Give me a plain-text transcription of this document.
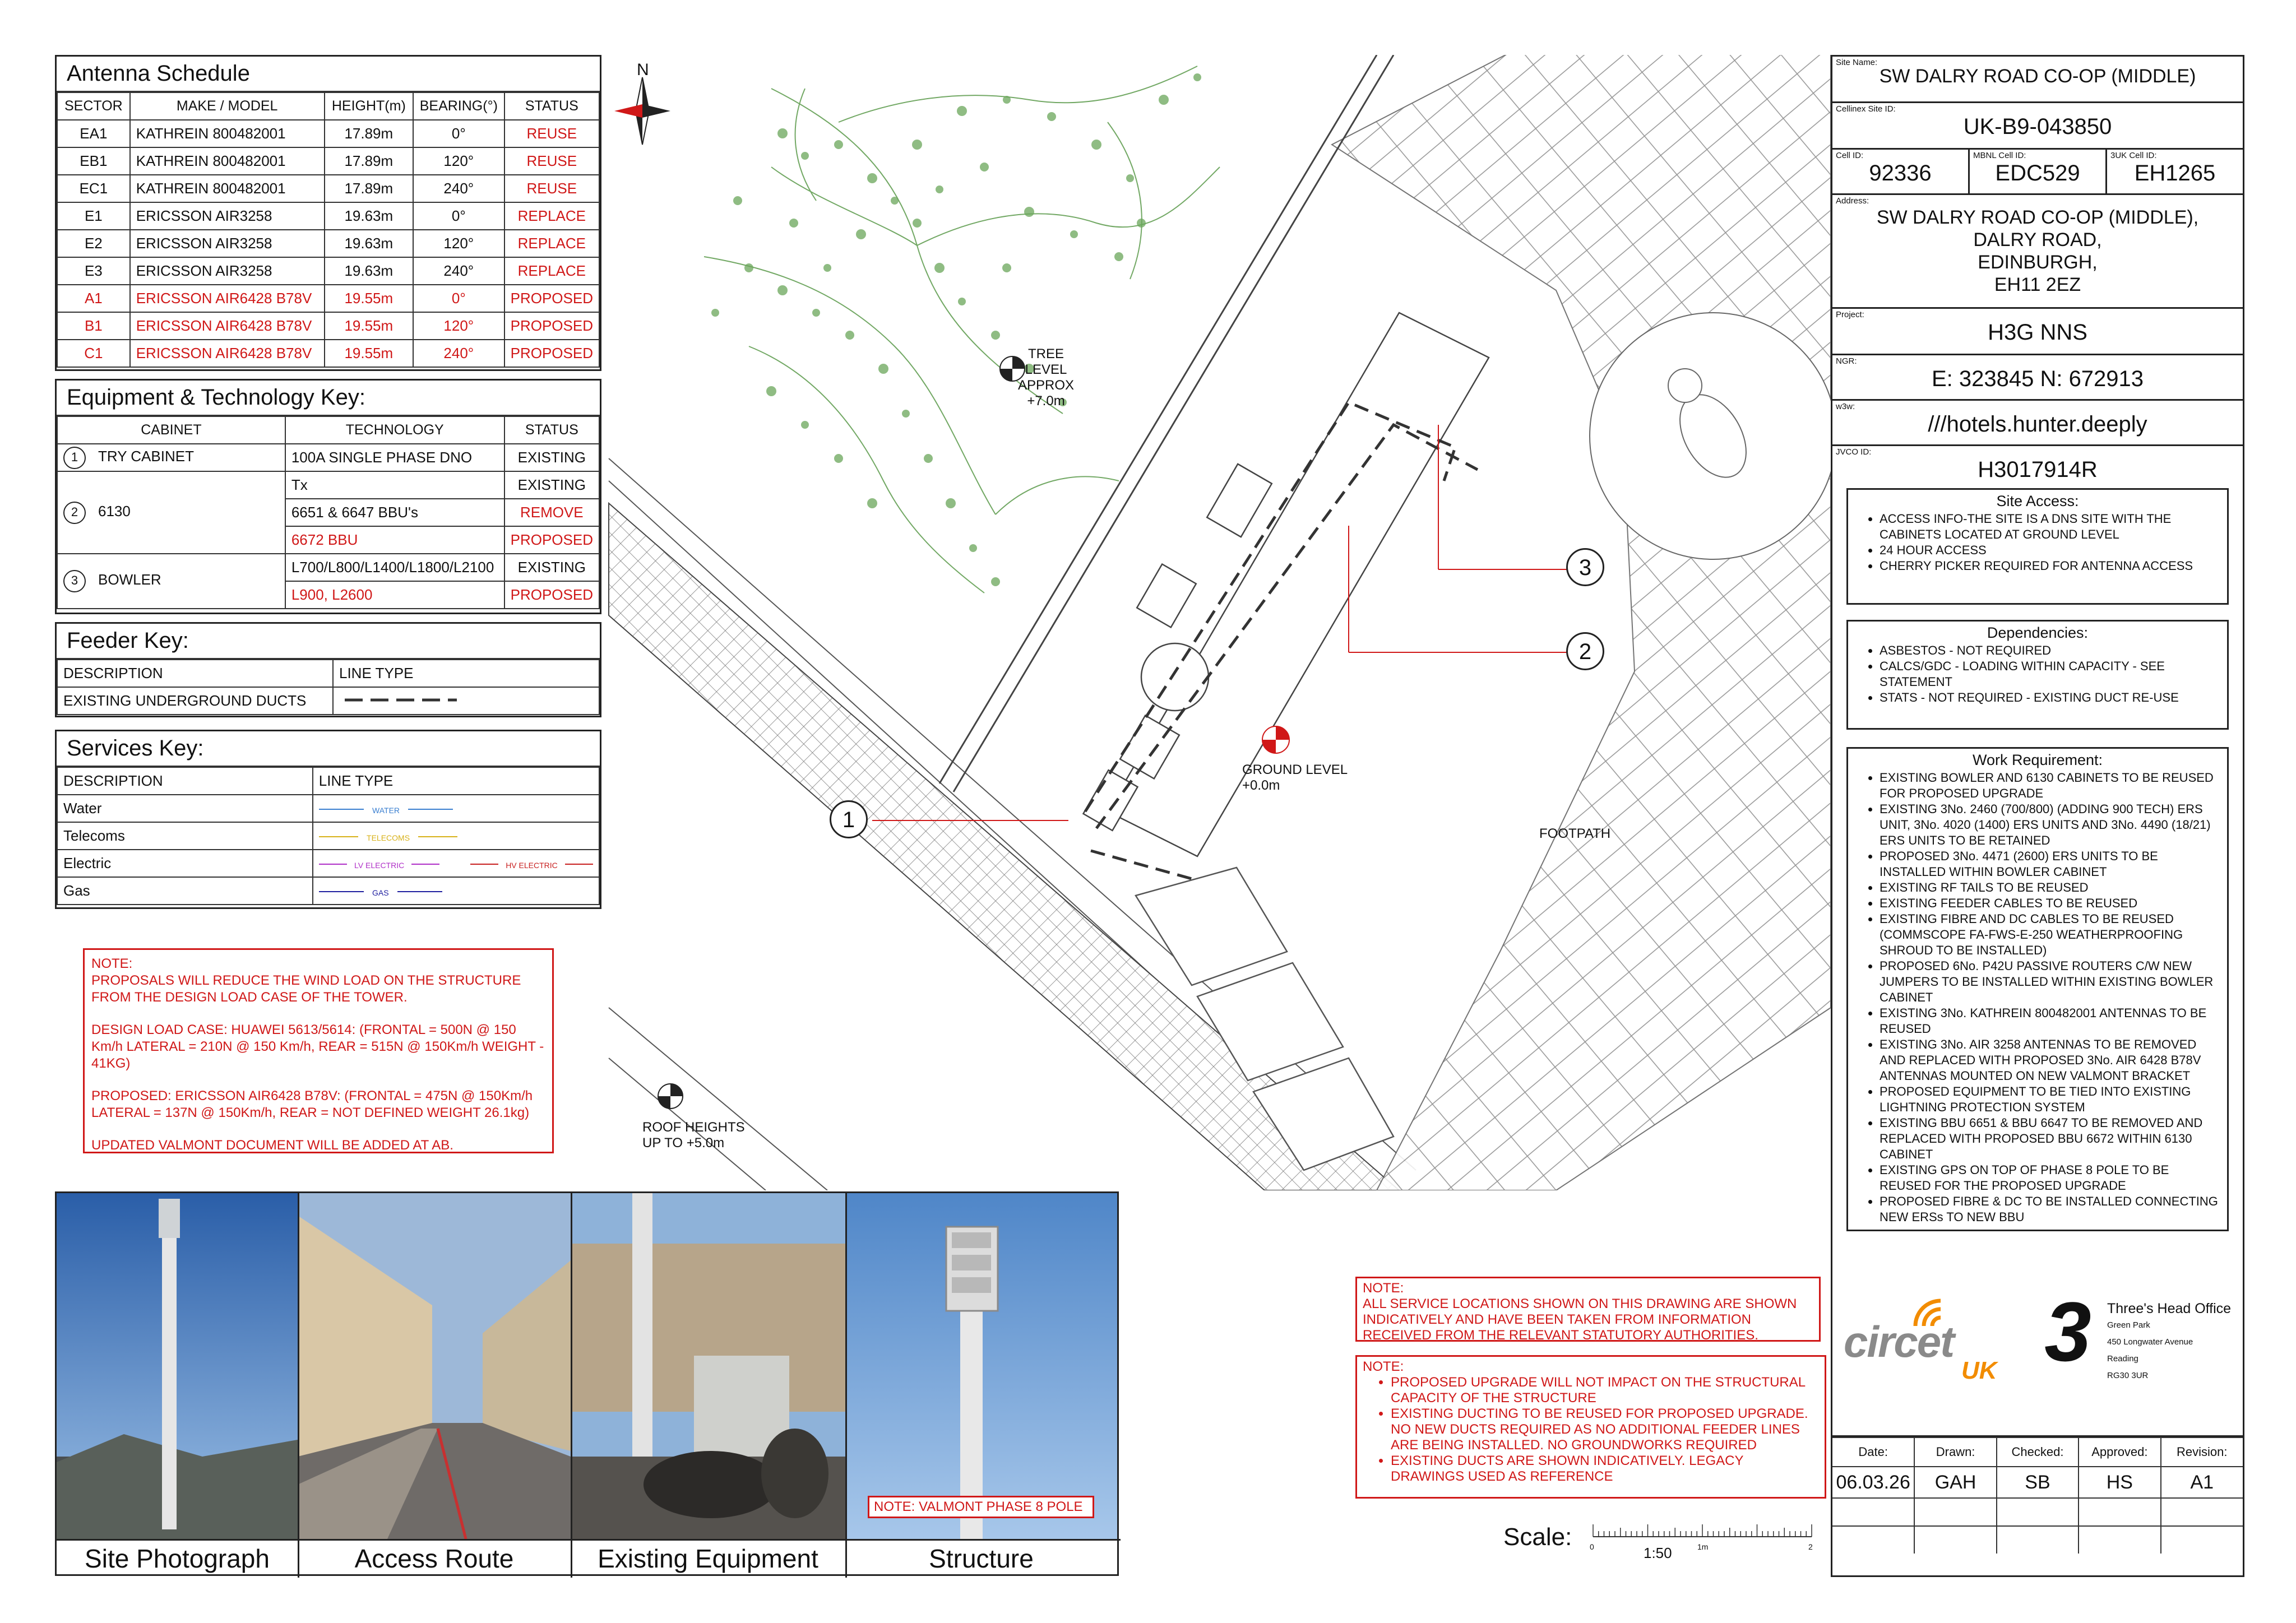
Antenna Schedule
SECTOR	MAKE / MODEL	HEIGHT(m)	BEARING(°)	STATUS
EA1	KATHREIN 800482001	17.89m	0°	REUSE
EB1	KATHREIN 800482001	17.89m	120°	REUSE
EC1	KATHREIN 800482001	17.89m	240°	REUSE
E1	ERICSSON AIR3258	19.63m	0°	REPLACE
E2	ERICSSON AIR3258	19.63m	120°	REPLACE
E3	ERICSSON AIR3258	19.63m	240°	REPLACE
A1	ERICSSON AIR6428 B78V	19.55m	0°	PROPOSED
B1	ERICSSON AIR6428 B78V	19.55m	120°	PROPOSED
C1	ERICSSON AIR6428 B78V	19.55m	240°	PROPOSED
Equipment & Technology Key:
CABINET	TECHNOLOGY	STATUS
1 TRY CABINET	100A SINGLE PHASE DNO	EXISTING
2 6130	Tx	EXISTING
	6651 & 6647 BBU's	REMOVE
	6672 BBU	PROPOSED
3 BOWLER	L700/L800/L1400/L1800/L2100	EXISTING
	L900, L2600	PROPOSED
Feeder Key:
DESCRIPTION	LINE TYPE
EXISTING UNDERGROUND DUCTS	
Services Key:
DESCRIPTION	LINE TYPE
Water	WATER
Telecoms	TELECOMS
Electric	LV ELECTRIC HV ELECTRIC
Gas	GAS
NOTE:

PROPOSALS WILL REDUCE THE WIND LOAD ON THE STRUCTURE FROM THE DESIGN LOAD CASE OF THE TOWER.

DESIGN LOAD CASE: HUAWEI 5613/5614: (FRONTAL = 500N @ 150 Km/h LATERAL = 210N @ 150 Km/h, REAR = 515N @ 150Km/h WEIGHT - 41KG)

PROPOSED: ERICSSON AIR6428 B78V: (FRONTAL = 475N @ 150Km/h LATERAL = 137N @ 150Km/h, REAR = NOT DEFINED WEIGHT 26.1kg)

UPDATED VALMONT DOCUMENT WILL BE ADDED AT AB.

NOTE: VALMONT PHASE 8 POLE
Site Photograph	Access Route	Existing Equipment	Structure
N
TREE LEVEL
APPROX
+7.0m
GROUND LEVEL
+0.0m
ROOF HEIGHTS
UP TO +5.0m
FOOTPATH
1
2
3
NOTE:
ALL SERVICE LOCATIONS SHOWN ON THIS DRAWING ARE SHOWN INDICATIVELY AND HAVE BEEN TAKEN FROM INFORMATION RECEIVED FROM THE RELEVANT STATUTORY AUTHORITIES.
NOTE:
• PROPOSED UPGRADE WILL NOT IMPACT ON THE STRUCTURAL CAPACITY OF THE STRUCTURE
• EXISTING DUCTING TO BE REUSED FOR PROPOSED UPGRADE. NO NEW DUCTS REQUIRED AS NO ADDITIONAL FEEDER LINES ARE BEING INSTALLED. NO GROUNDWORKS REQUIRED
• EXISTING DUCTS ARE SHOWN INDICATIVELY. LEGACY DRAWINGS USED AS REFERENCE
Scale: 0	1m	2
1:50
Site Name:
SW DALRY ROAD CO-OP (MIDDLE)
Cellinex Site ID:
UK-B9-043850
Cell ID:
92336
MBNL Cell ID:
EDC529
3UK Cell ID:
EH1265
Address:
SW DALRY ROAD CO-OP (MIDDLE),
DALRY ROAD,
EDINBURGH,
EH11 2EZ
Project:
H3G NNS
NGR:
E: 323845 N: 672913
w3w:
///hotels.hunter.deeply
JVCO ID:
H3017914R
Site Access:
• ACCESS INFO-THE SITE IS A DNS SITE WITH THE CABINETS LOCATED AT GROUND LEVEL
• 24 HOUR ACCESS
• CHERRY PICKER REQUIRED FOR ANTENNA ACCESS
Dependencies:
• ASBESTOS - NOT REQUIRED
• CALCS/GDC - LOADING WITHIN CAPACITY - SEE STATEMENT
• STATS - NOT REQUIRED - EXISTING DUCT RE-USE
Work Requirement:
• EXISTING BOWLER AND 6130 CABINETS TO BE REUSED FOR PROPOSED UPGRADE
• EXISTING 3No. 2460 (700/800) (ADDING 900 TECH) ERS UNIT, 3No. 4020 (1400) ERS UNITS AND 3No. 4490 (18/21) ERS UNITS TO BE RETAINED
• PROPOSED 3No. 4471 (2600) ERS UNITS TO BE INSTALLED WITHIN BOWLER CABINET
• EXISTING RF TAILS TO BE REUSED
• EXISTING FEEDER CABLES TO BE REUSED
• EXISTING FIBRE AND DC CABLES TO BE REUSED (COMMSCOPE FA-FWS-E-250 WEATHERPROOFING SHROUD TO BE INSTALLED)
• PROPOSED 6No. P42U PASSIVE ROUTERS C/W NEW JUMPERS TO BE INSTALLED WITHIN EXISTING BOWLER CABINET
• EXISTING 3No. KATHREIN 800482001 ANTENNAS TO BE REUSED
• EXISTING 3No. AIR 3258 ANTENNAS TO BE REMOVED AND REPLACED WITH PROPOSED 3No. AIR 6428 B78V ANTENNAS MOUNTED ON NEW VALMONT BRACKET
• PROPOSED EQUIPMENT TO BE TIED INTO EXISTING LIGHTNING PROTECTION SYSTEM
• EXISTING BBU 6651 & BBU 6647 TO BE REMOVED AND REPLACED WITH PROPOSED BBU 6672 WITHIN 6130 CABINET
• EXISTING GPS ON TOP OF PHASE 8 POLE TO BE REUSED FOR THE PROPOSED UPGRADE
• PROPOSED FIBRE & DC TO BE INSTALLED CONNECTING NEW ERSs TO NEW BBU
circet
UK 3	Three's Head Office
Green Park
450 Longwater Avenue
Reading
RG30 3UR
Date:	Drawn:	Checked:	Approved:	Revision:
06.03.26	GAH	SB	HS	A1
